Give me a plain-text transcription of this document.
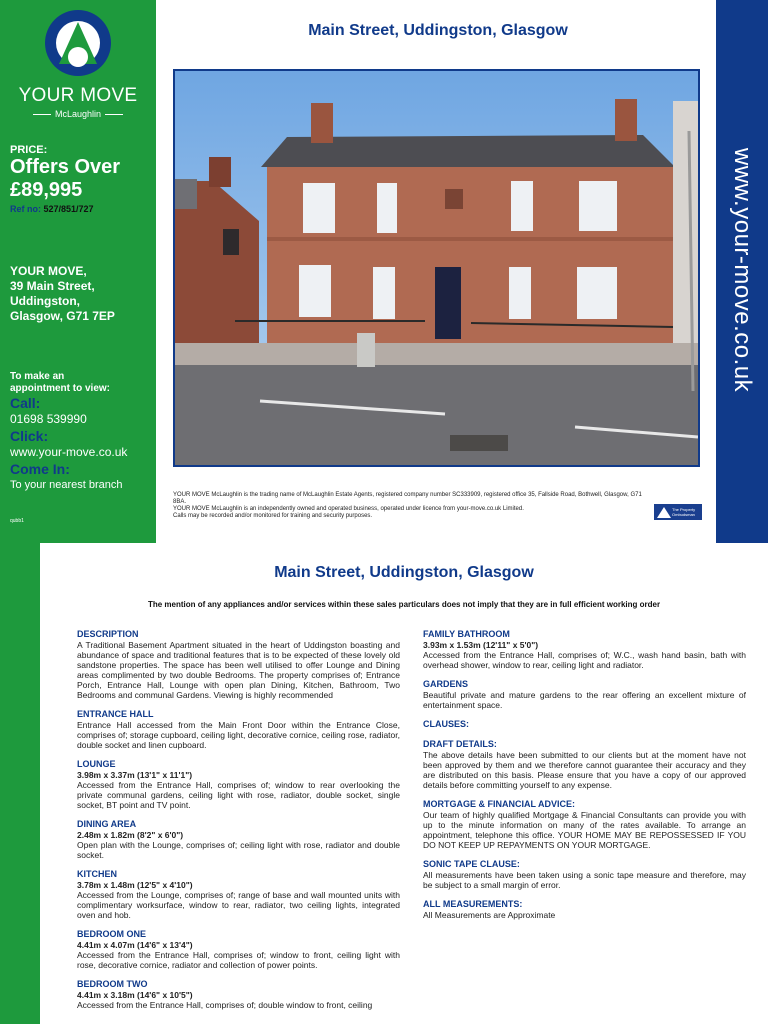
YOUR MOVE
McLaughlin
PRICE:
Offers Over
£89,995
Ref no: 527/851/727
YOUR MOVE,
39 Main Street,
Uddingston,
Glasgow, G71 7EP
To make an
appointment to view:
Call:
01698 539990
Click:
www.your-move.co.uk
Come In:
To your nearest branch
qubb1
www.your-move.co.uk
Main Street, Uddingston, Glasgow
YOUR MOVE McLaughlin is the trading name of McLaughlin Estate Agents, registered company number SC333909, registered office 35, Fallside Road, Bothwell, Glasgow, G71 8BA.
YOUR MOVE McLaughlin is an independently owned and operated business, operated under licence from your-move.co.uk Limited.
Calls may be recorded and/or monitored for training and security purposes.
The Property
Ombudsman
Main Street, Uddingston, Glasgow
The mention of any appliances and/or services within these sales particulars does not imply that they are in full efficient working order
DESCRIPTION
A Traditional Basement Apartment situated in the heart of Uddingston boasting and abundance of space and traditional features that is to be expected of these lovely old sandstone properties. The space has been well utilised to offer Lounge and Dining areas complimented by two double Bedrooms. The property comprises of; Entrance Porch, Entrance Hall, Lounge with open plan Dining, Kitchen, Bathroom, Two Bedrooms and communal Gardens. Viewing is highly recommended
ENTRANCE HALL
Entrance Hall accessed from the Main Front Door within the Entrance Close, comprises of; storage cupboard, ceiling light, decorative cornice, ceiling rose, radiator, double socket and linen cupboard.
LOUNGE
3.98m x 3.37m (13'1" x 11'1")
Accessed from the Entrance Hall, comprises of; window to rear overlooking the private communal gardens, ceiling light with rose, radiator, double socket, single socket, BT point and TV point.
DINING AREA
2.48m x 1.82m (8'2" x 6'0")
Open plan with the Lounge, comprises of; ceiling light with rose, radiator and double socket.
KITCHEN
3.78m x 1.48m (12'5" x 4'10")
Accessed from the Lounge, comprises of; range of base and wall mounted units with complimentary worksurface, window to rear, radiator, two ceiling lights, integrated oven and hob.
BEDROOM ONE
4.41m x 4.07m (14'6" x 13'4")
Accessed from the Entrance Hall, comprises of; window to front, ceiling light with rose, decorative cornice, radiator and collection of power points.
BEDROOM TWO
4.41m x 3.18m (14'6" x 10'5")
Accessed from the Entrance Hall, comprises of; double window to front, ceiling
FAMILY BATHROOM
3.93m x 1.53m (12'11" x 5'0")
Accessed from the Entrance Hall, comprises of; W.C., wash hand basin, bath with overhead shower, window to rear, ceiling light and radiator.
GARDENS
Beautiful private and mature gardens to the rear offering an excellent mixture of entertainment space.
CLAUSES:
DRAFT DETAILS:
The above details have been submitted to our clients but at the moment have not been approved by them and we therefore cannot guarantee their accuracy and they are distributed on this basis. Please ensure that you have a copy of our approved details before committing yourself to any expense.
MORTGAGE & FINANCIAL ADVICE:
Our team of highly qualified Mortgage & Financial Consultants can provide you with up to the minute information on many of the rates available. To arrange an appointment, telephone this office. YOUR HOME MAY BE REPOSSESSED IF YOU DO NOT KEEP UP REPAYMENTS ON YOUR MORTGAGE.
SONIC TAPE CLAUSE:
All measurements have been taken using a sonic tape measure and therefore, may be subject to a small margin of error.
ALL MEASUREMENTS:
All Measurements are Approximate
